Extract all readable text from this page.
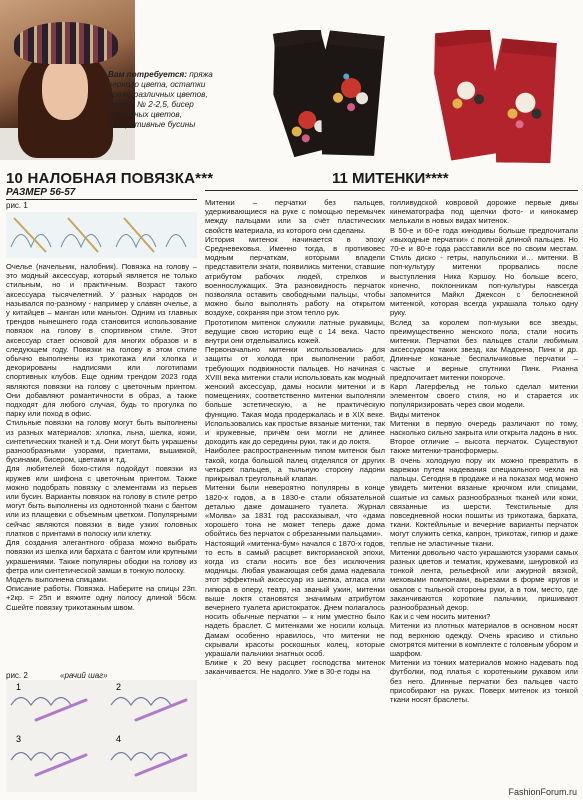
Вам потребуется: пряжа черного цвета, остатки пряжи различных цветов, крючок № 2-2,5, бисер различных цветов, декоративные бусины
10 НАЛОБНАЯ ПОВЯЗКА***
РАЗМЕР 56-57
рис. 1

Очелье (начельник, налобник). Повязка на голову – это модный аксессуар, который является не только стильным, но и практичным. Возраст такого аксессуара тысячелетний. У разных народов он назывался по-разному - например у славян очелье, а у китайцев – манган или маньгон. Одним из главных трендов нынешнего года становится использование повязок на голову в спортивном стиле. Этот аксессуар стает основой для многих образов и в следующем году. Повязки на голову в этом стиле обычно выполнены из трикотажа или хлопка и декорированы надписями или логотипами спортивных клубов. Еще одним трендом 2023 года являются повязки на голову с цветочным принтом. Они добавляют романтичности в образ, а также подходят для любого случая, будь то прогулка по парку или поход в офис.

Стильные повязки на голову могут быть выполнены из разных материалов: хлопка, льна, шелка, кожи, синтетических тканей и т.д. Они могут быть украшены разнообразными узорами, принтами, вышивкой, бусинами, бисером, цветами и т.д.

Для любителей бохо-стиля подойдут повязки из кружев или шифона с цветочным принтом. Также можно подобрать повязку с элементами из перьев или бусин. Варианты повязок на голову в стиле ретро могут быть выполнены из однотонной ткани с бантом или из плащевки с объемным цветком. Популярными сейчас являются повязки в виде узких головных платков с принтами в полоску или клетку.

Для создания элегантного образа можно выбрать повязки из шелка или бархата с бантом или крупными украшениями. Также популярны ободки на голову из фетра или синтетической замши в тонкую полоску.

Модель выполнена спицами.

Описание работы. Повязка. Наберите на спицы 23п. +2кр. = 25п и вяжите одну полосу длиной 56см. Сшейте повязку трикотажным швом.

рис. 2	«рачий шаг»
1	2
3	4
11 МИТЕНКИ****

Митенки – перчатки без пальцев, удерживающиеся на руке с помощью перемычек между пальцами или за счёт пластических свойств материала, из которого они сделаны.

История митенок начинается в эпоху Средневековья. Именно тогда, в противовес модным перчаткам, которыми владели представители знати, появились митенки, ставшие атрибутом рабочих людей, стрелков и военнослужащих. Эта разновидность перчаток позволяла оставить свободными пальцы, чтобы можно было выполнять работу на открытом воздухе, сохраняя при этом тепло рук.

Прототипом митенок служили латные рукавицы, ведущие свою историю ещё с 14 века. Часто внутри они отделывались кожей.

Первоначально митенки использовались для защиты от холода при выполнении работ, требующих подвижности пальцев. Но начиная с XVIII века митенки стали использовать как модный женский аксессуар, дамы носили митенки и в помещениях, соответственно митенки выполняли больше эстетическую, а не практическую функцию. Такая мода продержалась и в XIX веке. Использовались как простые вязаные митенки, так и кружевные, причём они могли не длинее доходить как до середины руки, так и до локтя.

Наиболее распространенным типом митенок был такой, когда большой палец отделялся от других четырех пальцев, а тыльную сторону ладони прикрывал треугольный клапан.

Митенки были невероятно популярны в конце 1820-х годов, а в 1830-е стали обязательной деталью даже домашнего туалета. Журнал «Молва» за 1831 год рассказывал, что «дама хорошего тона не может теперь даже дома обойтись без перчаток с обрезанными пальцами».

Настоящий «митенка-бум» начался с 1870-х годов, то есть в самый расцвет викторианской эпохи, когда из стали носить все без исключения модницы. Любая уважающая себя дама надевала этот эффектный аксессуар из шелка, атласа или гипюра в оперу, театр, на званый ужин, митенки выше локтя становятся значимым атрибутом вечернего туалета аристократок. Днем полагалось носить обычные перчатки – к ним уместно было надеть браслет. С митенками же носили кольца. Дамам особенно нравилось, что митенки не скрывали красоты роскошных колец, которые украшали пальчики знатных особ.

Ближе к 20 веку расцвет господства митенок заканчивается. Не надолго. Уже в 30-е годы на

голливудской ковровой дорожке первые дивы кинематографа под щелчки фото- и кинокамер мелькали в новых видах митенок.

В 50-е и 60-е года кинодивы больше предпочитали «выходные перчатки» с полной длиной пальцев. Но 70-е и 80-е года расставили все по своим местам. Стиль диско - гетры, напульсники и… митенки. В поп-культуру митенки прорвались после выступления Ника Кэршоу. Но больше всего, конечно, поклонникам поп-культуры навсегда запомнится Майкл Джексон с белоснежной митенкой, которая всегда украшала только одну руку.

Вслед за королем поп-музыки все звезды, преимущественно женского пола, стали носить митенки. Перчатки без пальцев стали любимым аксессуаром таких звезд, как Мадонна, Пинк и др. Длинные кожаные беспальчиковые перчатки – частые и верные спутники Пинк. Рианна предпочитает митенки покороче.

Карл Лагерфельд не только сделал митенки элементом своего стиля, но и старается их популяризировать через свои модели.

Виды митенок

Митенки в первую очередь различают по тому, насколько сильно закрыта или открыта ладонь в них. Второе отличие – высота перчаток. Существуют также митенки-трансформеры.

В очень холодную пору их можно превратить в варежки путем надевания специального чехла на пальцы. Сегодня в продаже и на показах мод можно увидеть митенки вязаные крючком или спицами, сшитые из самых разнообразных тканей или кожи, связанные из шерсти. Текстильные для повседневной носки пошиты из трикотажа, бархата, ткани. Коктейльные и вечерние варианты перчаток могут служить сетка, капрон, трикотаж, гипюр и даже теплые не эластичные ткани.

Митенки довольно часто украшаются узорами самых разных цветов и тематик, кружевами, шнуровкой из тонкой лента, рельефной или ажурной вязкой, меховыми помпонами, вырезами в форме кругов и овалов с тыльной стороны руки, а в том, место, где заканчиваются короткие пальчики, пришивают разнообразный декор.

Как и с чем носить митенки?

Митенки из плотных материалов в основном носят под верхнюю одежду. Очень красиво и стильно смотрятся митенки в комплекте с головным убором и шарфом.

Митенки из тонких материалов можно надевать под футболки, под платья с коротеньким рукавом или без него. Длинные перчатки без пальцев часто присобирают на руках. Поверх митенок из тонкой ткани носят браслеты.

FashionForum.ru
